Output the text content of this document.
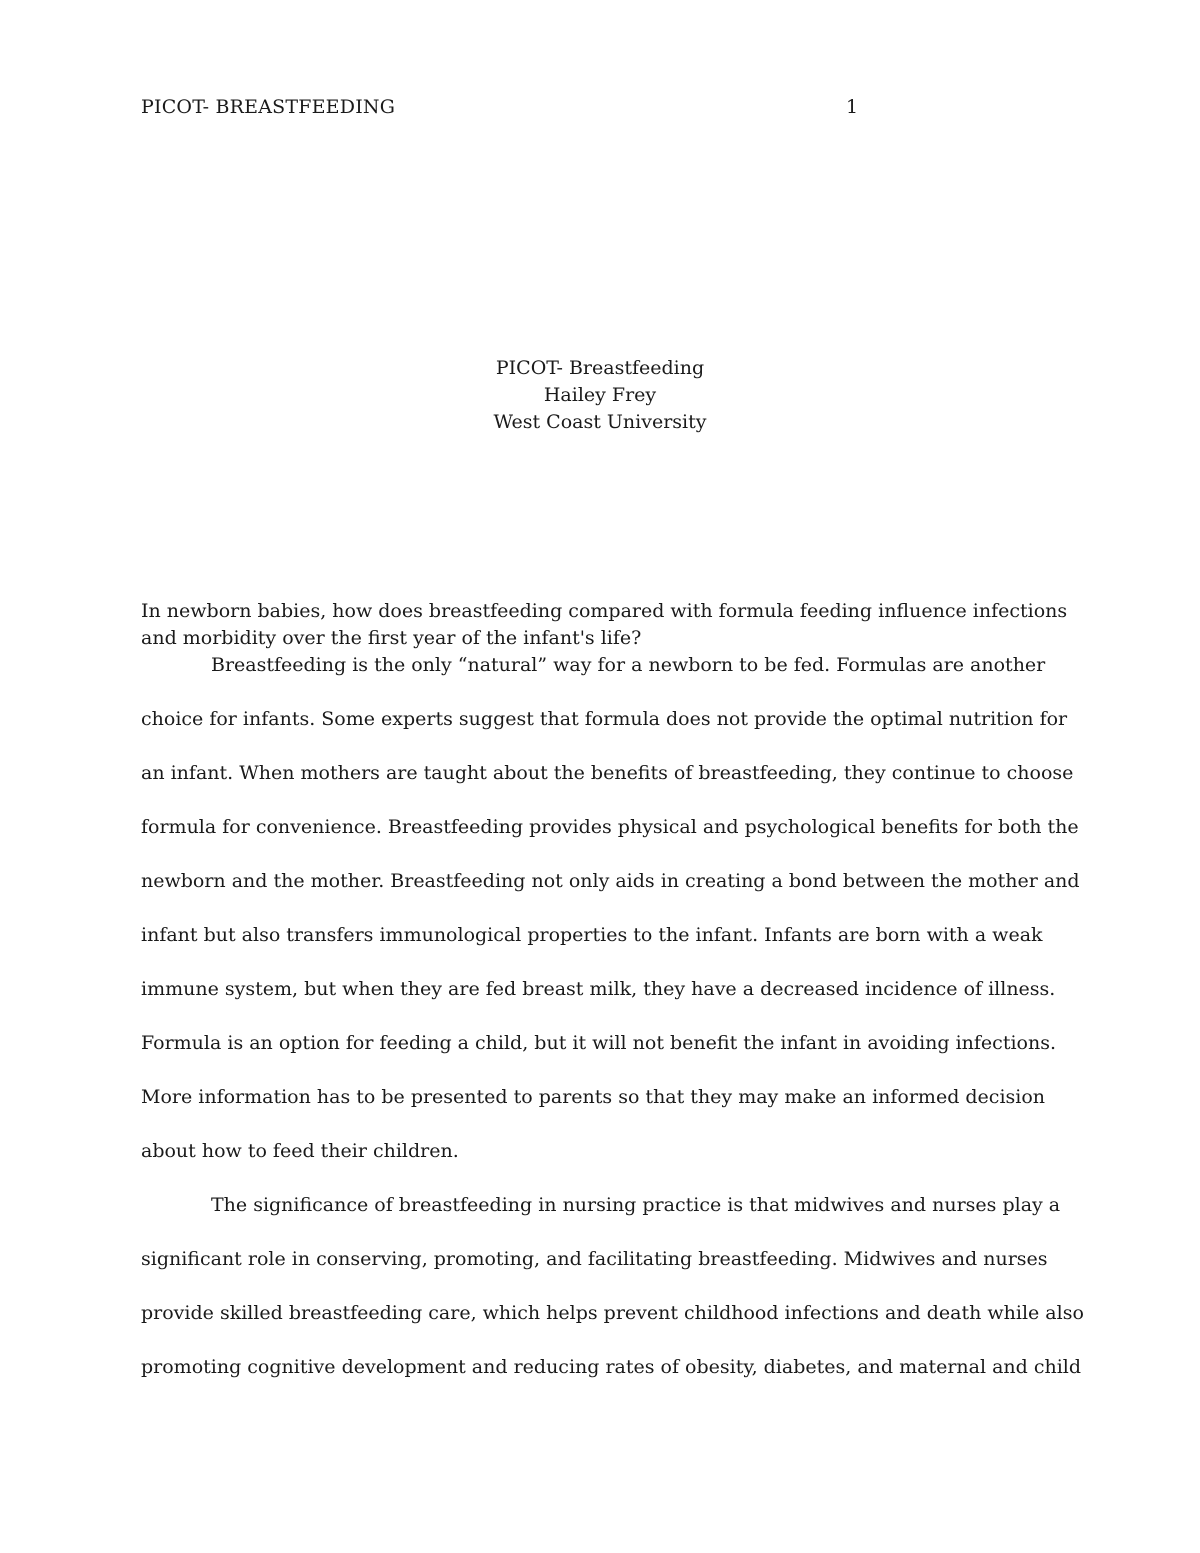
PICOT- BREASTFEEDING	1
PICOT- Breastfeeding
Hailey Frey
West Coast University

In newborn babies, how does breastfeeding compared with formula feeding influence infections
and morbidity over the first year of the infant's life?

Breastfeeding is the only “natural” way for a newborn to be fed. Formulas are another
choice for infants. Some experts suggest that formula does not provide the optimal nutrition for
an infant. When mothers are taught about the benefits of breastfeeding, they continue to choose
formula for convenience. Breastfeeding provides physical and psychological benefits for both the
newborn and the mother. Breastfeeding not only aids in creating a bond between the mother and
infant but also transfers immunological properties to the infant. Infants are born with a weak
immune system, but when they are fed breast milk, they have a decreased incidence of illness.
Formula is an option for feeding a child, but it will not benefit the infant in avoiding infections.
More information has to be presented to parents so that they may make an informed decision
about how to feed their children.
The significance of breastfeeding in nursing practice is that midwives and nurses play a
significant role in conserving, promoting, and facilitating breastfeeding. Midwives and nurses
provide skilled breastfeeding care, which helps prevent childhood infections and death while also
promoting cognitive development and reducing rates of obesity, diabetes, and maternal and child
